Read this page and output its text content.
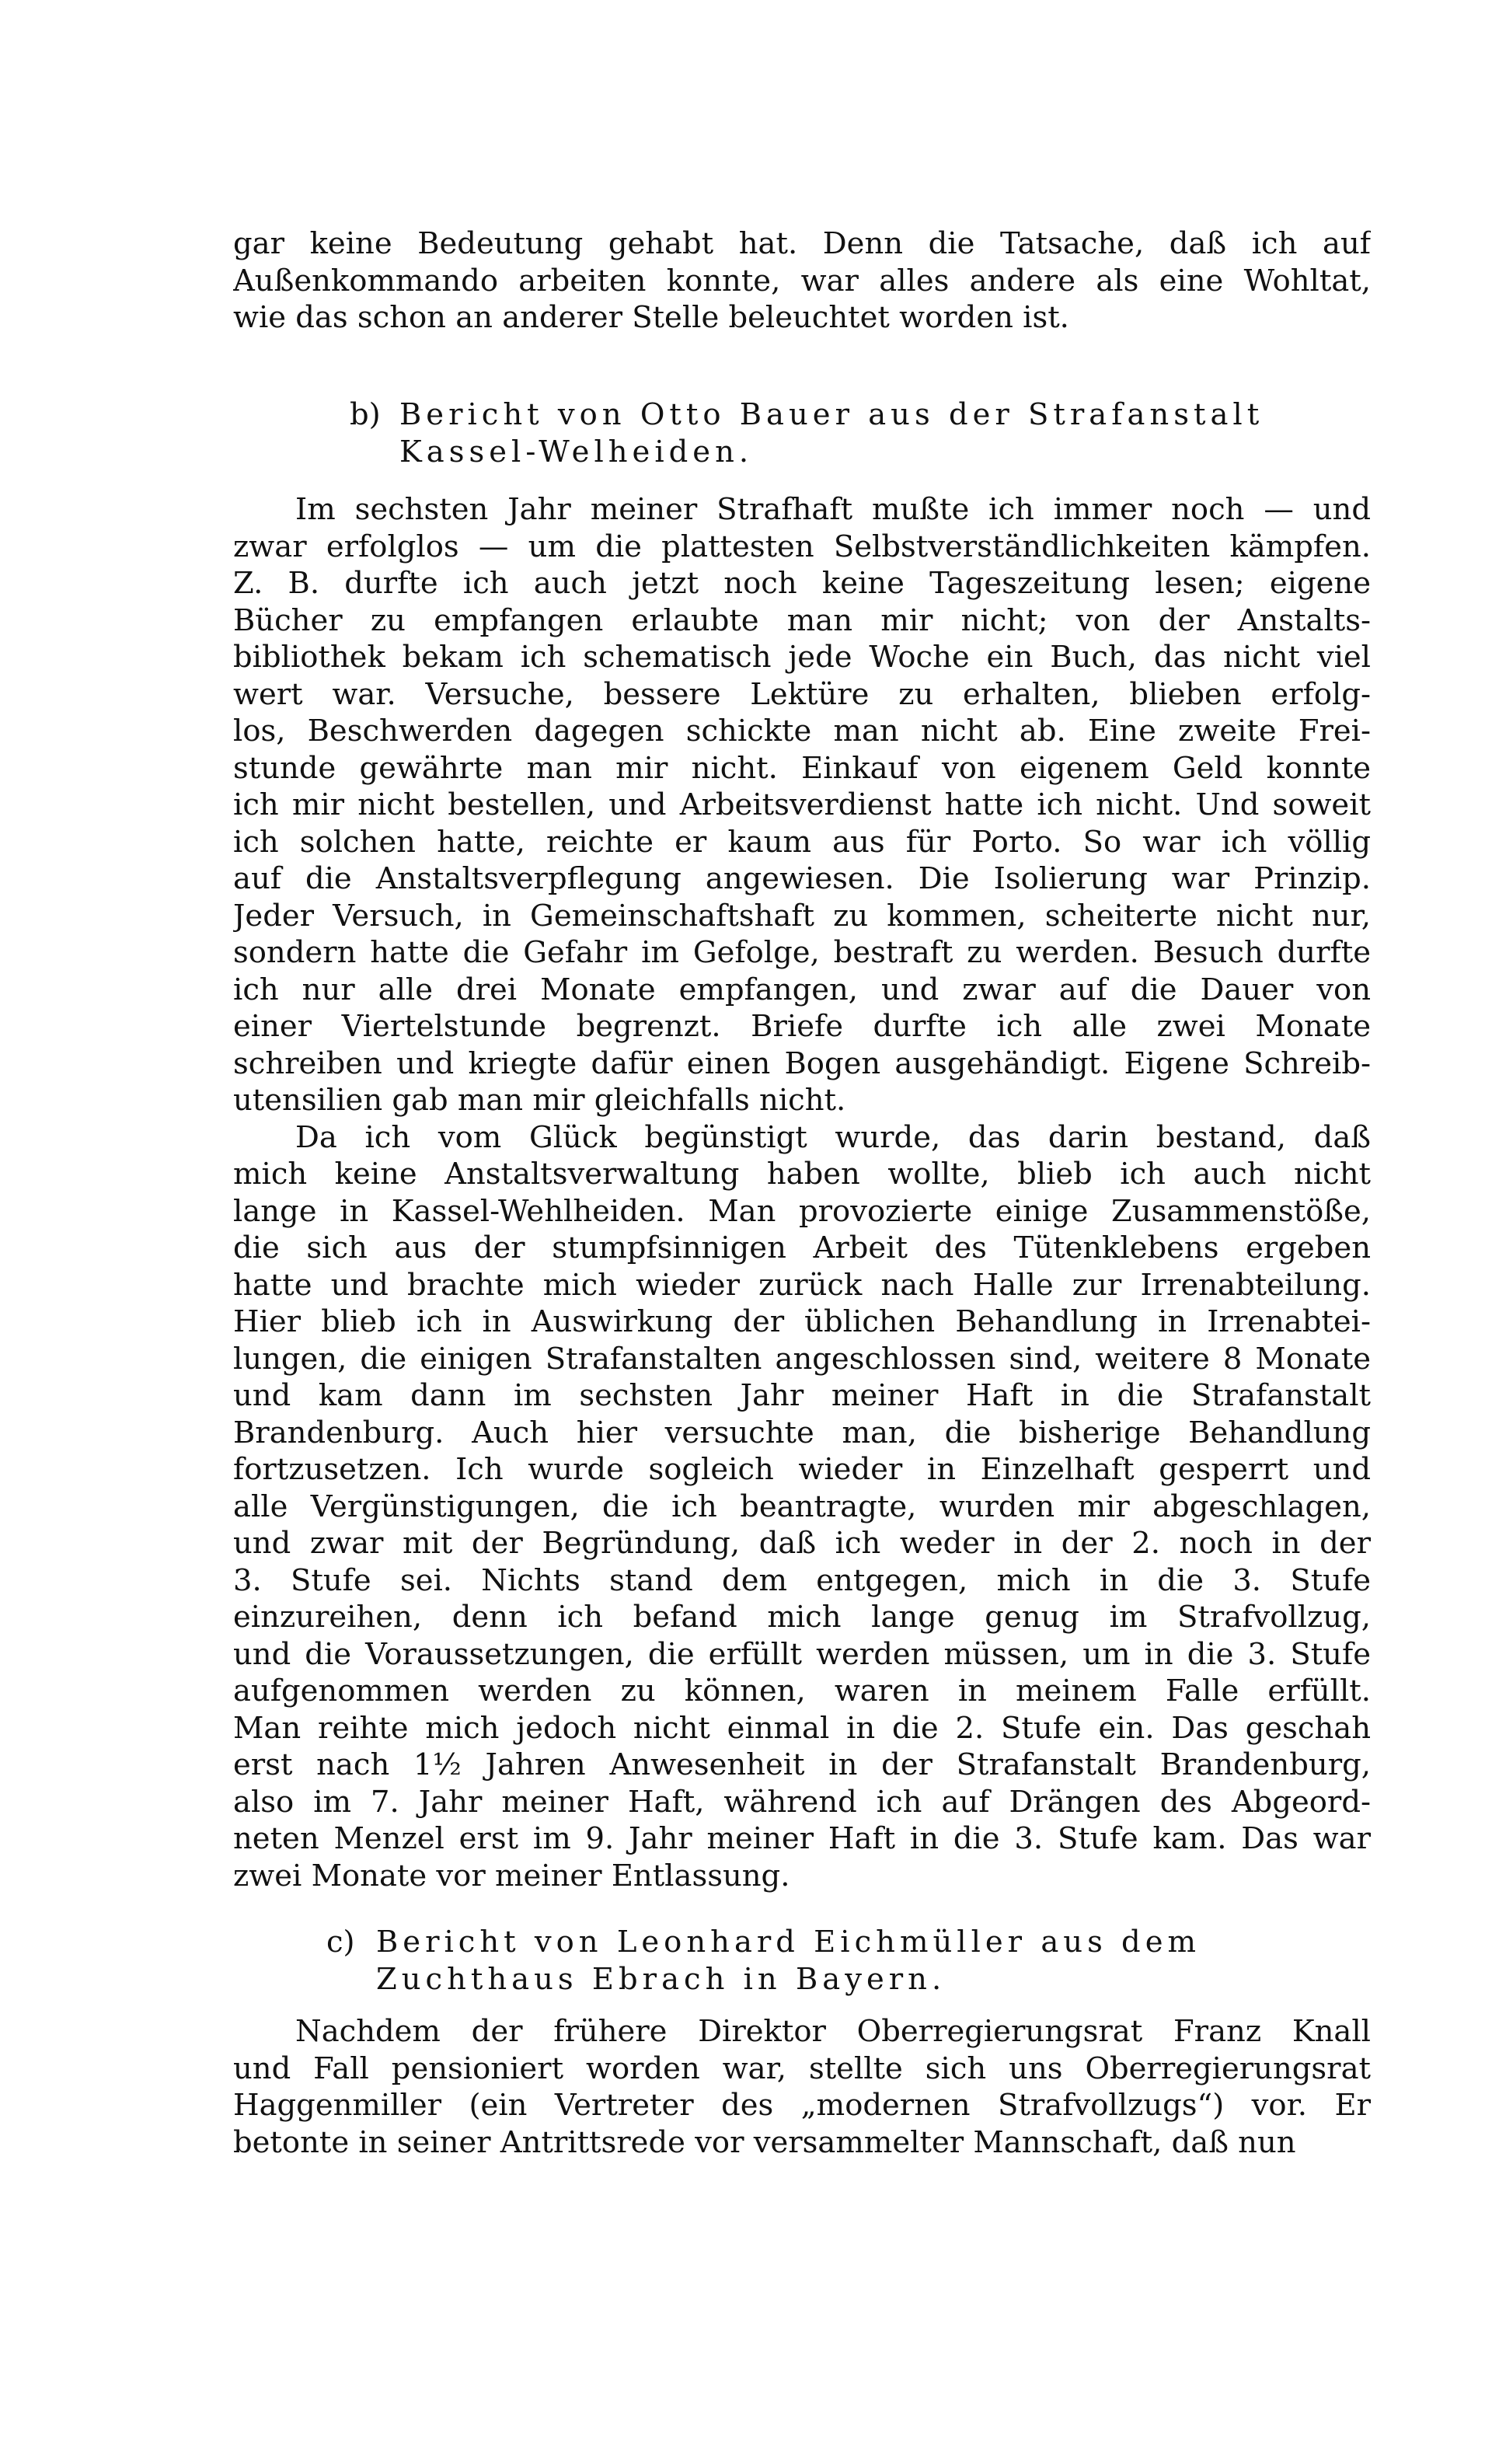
gar keine Bedeutung gehabt hat. Denn die Tatsache, daß ich auf
Außenkommando arbeiten konnte, war alles andere als eine Wohltat,
wie das schon an anderer Stelle beleuchtet worden ist.
b) Bericht von Otto Bauer aus der Strafanstalt
Kassel-Welheiden.
Im sechsten Jahr meiner Strafhaft mußte ich immer noch — und
zwar erfolglos — um die plattesten Selbstverständlichkeiten kämpfen.
Z. B. durfte ich auch jetzt noch keine Tageszeitung lesen; eigene
Bücher zu empfangen erlaubte man mir nicht; von der Anstalts-
bibliothek bekam ich schematisch jede Woche ein Buch, das nicht viel
wert war. Versuche, bessere Lektüre zu erhalten, blieben erfolg-
los, Beschwerden dagegen schickte man nicht ab. Eine zweite Frei-
stunde gewährte man mir nicht. Einkauf von eigenem Geld konnte
ich mir nicht bestellen, und Arbeitsverdienst hatte ich nicht. Und soweit
ich solchen hatte, reichte er kaum aus für Porto. So war ich völlig
auf die Anstaltsverpflegung angewiesen. Die Isolierung war Prinzip.
Jeder Versuch, in Gemeinschaftshaft zu kommen, scheiterte nicht nur,
sondern hatte die Gefahr im Gefolge, bestraft zu werden. Besuch durfte
ich nur alle drei Monate empfangen, und zwar auf die Dauer von
einer Viertelstunde begrenzt. Briefe durfte ich alle zwei Monate
schreiben und kriegte dafür einen Bogen ausgehändigt. Eigene Schreib-
utensilien gab man mir gleichfalls nicht.
Da ich vom Glück begünstigt wurde, das darin bestand, daß
mich keine Anstaltsverwaltung haben wollte, blieb ich auch nicht
lange in Kassel-Wehlheiden. Man provozierte einige Zusammenstöße,
die sich aus der stumpfsinnigen Arbeit des Tütenklebens ergeben
hatte und brachte mich wieder zurück nach Halle zur Irrenabteilung.
Hier blieb ich in Auswirkung der üblichen Behandlung in Irrenabtei-
lungen, die einigen Strafanstalten angeschlossen sind, weitere 8 Monate
und kam dann im sechsten Jahr meiner Haft in die Strafanstalt
Brandenburg. Auch hier versuchte man, die bisherige Behandlung
fortzusetzen. Ich wurde sogleich wieder in Einzelhaft gesperrt und
alle Vergünstigungen, die ich beantragte, wurden mir abgeschlagen,
und zwar mit der Begründung, daß ich weder in der 2. noch in der
3. Stufe sei. Nichts stand dem entgegen, mich in die 3. Stufe
einzureihen, denn ich befand mich lange genug im Strafvollzug,
und die Voraussetzungen, die erfüllt werden müssen, um in die 3. Stufe
aufgenommen werden zu können, waren in meinem Falle erfüllt.
Man reihte mich jedoch nicht einmal in die 2. Stufe ein. Das geschah
erst nach 1½ Jahren Anwesenheit in der Strafanstalt Brandenburg,
also im 7. Jahr meiner Haft, während ich auf Drängen des Abgeord-
neten Menzel erst im 9. Jahr meiner Haft in die 3. Stufe kam. Das war
zwei Monate vor meiner Entlassung.
c) Bericht von Leonhard Eichmüller aus dem
Zuchthaus Ebrach in Bayern.
Nachdem der frühere Direktor Oberregierungsrat Franz Knall
und Fall pensioniert worden war, stellte sich uns Oberregierungsrat
Haggenmiller (ein Vertreter des „modernen Strafvollzugs“) vor. Er
betonte in seiner Antrittsrede vor versammelter Mannschaft, daß nun
